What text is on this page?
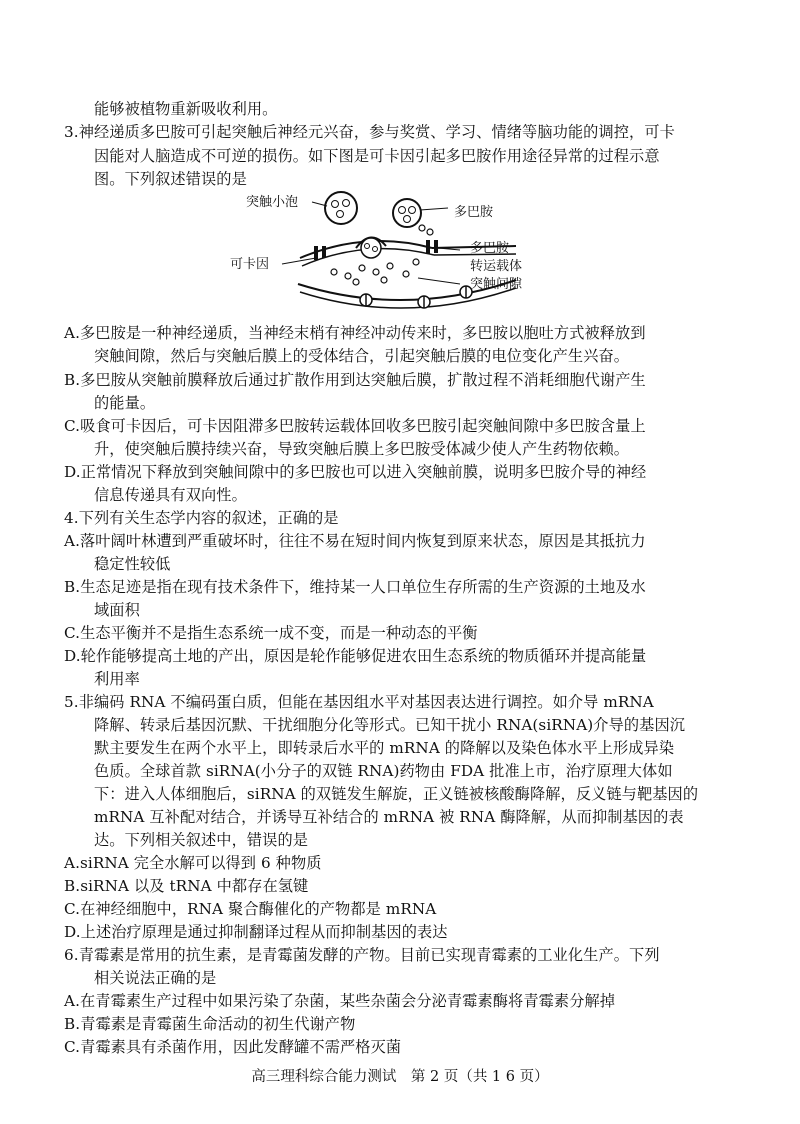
能够被植物重新吸收利用。
3.神经递质多巴胺可引起突触后神经元兴奋，参与奖赏、学习、情绪等脑功能的调控，可卡
因能对人脑造成不可逆的损伤。如下图是可卡因引起多巴胺作用途径异常的过程示意
图。下列叙述错误的是
突触小泡
多巴胺
可卡因
多巴胺
转运载体
突触间隙
A.多巴胺是一种神经递质，当神经末梢有神经冲动传来时，多巴胺以胞吐方式被释放到
突触间隙，然后与突触后膜上的受体结合，引起突触后膜的电位变化产生兴奋。
B.多巴胺从突触前膜释放后通过扩散作用到达突触后膜，扩散过程不消耗细胞代谢产生
的能量。
C.吸食可卡因后，可卡因阻滞多巴胺转运载体回收多巴胺引起突触间隙中多巴胺含量上
升，使突触后膜持续兴奋，导致突触后膜上多巴胺受体减少使人产生药物依赖。
D.正常情况下释放到突触间隙中的多巴胺也可以进入突触前膜，说明多巴胺介导的神经
信息传递具有双向性。
4.下列有关生态学内容的叙述，正确的是
A.落叶阔叶林遭到严重破坏时，往往不易在短时间内恢复到原来状态，原因是其抵抗力
稳定性较低
B.生态足迹是指在现有技术条件下，维持某一人口单位生存所需的生产资源的土地及水
域面积
C.生态平衡并不是指生态系统一成不变，而是一种动态的平衡
D.轮作能够提高土地的产出，原因是轮作能够促进农田生态系统的物质循环并提高能量
利用率
5.非编码 RNA 不编码蛋白质，但能在基因组水平对基因表达进行调控。如介导 mRNA
降解、转录后基因沉默、干扰细胞分化等形式。已知干扰小 RNA(siRNA)介导的基因沉
默主要发生在两个水平上，即转录后水平的 mRNA 的降解以及染色体水平上形成异染
色质。全球首款 siRNA(小分子的双链 RNA)药物由 FDA 批准上市，治疗原理大体如
下：进入人体细胞后，siRNA 的双链发生解旋，正义链被核酸酶降解，反义链与靶基因的
mRNA 互补配对结合，并诱导互补结合的 mRNA 被 RNA 酶降解，从而抑制基因的表
达。下列相关叙述中，错误的是
A.siRNA 完全水解可以得到 6 种物质
B.siRNA 以及 tRNA 中都存在氢键
C.在神经细胞中，RNA 聚合酶催化的产物都是 mRNA
D.上述治疗原理是通过抑制翻译过程从而抑制基因的表达
6.青霉素是常用的抗生素，是青霉菌发酵的产物。目前已实现青霉素的工业化生产。下列
相关说法正确的是
A.在青霉素生产过程中如果污染了杂菌，某些杂菌会分泌青霉素酶将青霉素分解掉
B.青霉素是青霉菌生命活动的初生代谢产物
C.青霉素具有杀菌作用，因此发酵罐不需严格灭菌
高三理科综合能力测试　第 2 页（共 1 6 页）
